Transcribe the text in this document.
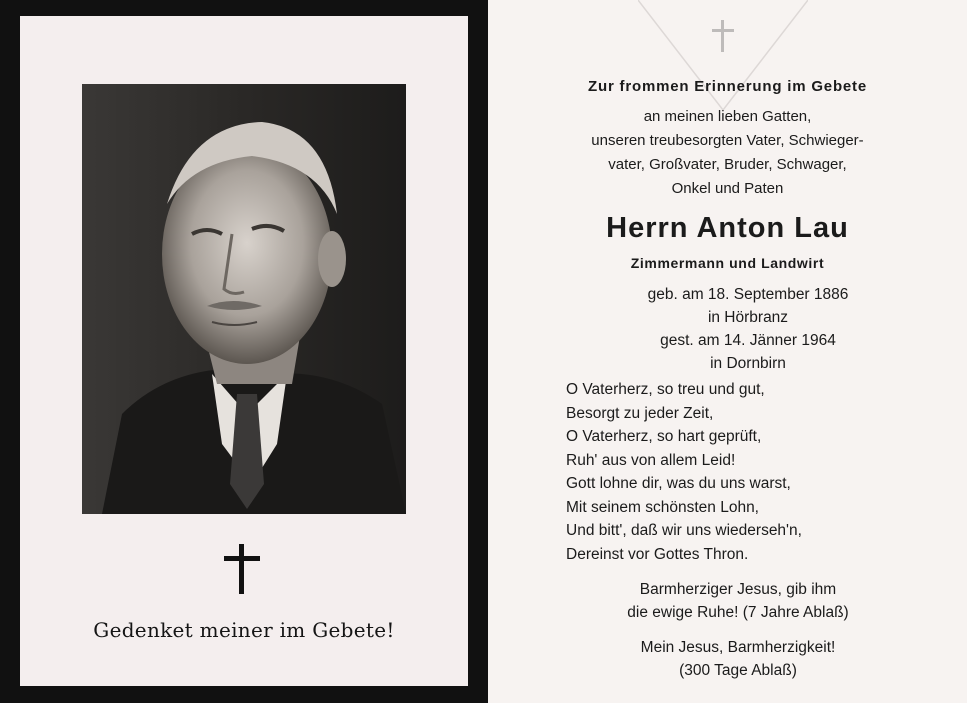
Gedenket meiner im Gebete!
Zur frommen Erinnerung im Gebete
an meinen lieben Gatten,
unseren treubesorgten Vater, Schwieger-
vater, Großvater, Bruder, Schwager,
Onkel und Paten
Herrn Anton Lau
Zimmermann und Landwirt
geb. am 18. September 1886
in Hörbranz
gest. am 14. Jänner 1964
in Dornbirn
O Vaterherz, so treu und gut,
Besorgt zu jeder Zeit,
O Vaterherz, so hart geprüft,
Ruh' aus von allem Leid!
Gott lohne dir, was du uns warst,
Mit seinem schönsten Lohn,
Und bitt', daß wir uns wiederseh'n,
Dereinst vor Gottes Thron.
Barmherziger Jesus, gib ihm
die ewige Ruhe! (7 Jahre Ablaß)
Mein Jesus, Barmherzigkeit!
(300 Tage Ablaß)
